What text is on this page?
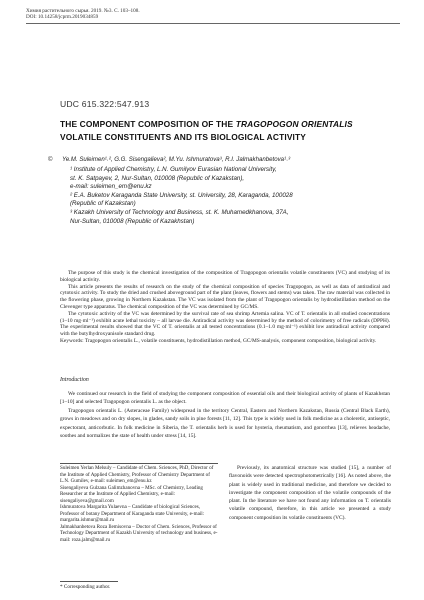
Химия растительного сырья. 2019. №3. С. 103–108.
DOI: 10.14258/jcprm.2019034859
UDC 615.322:547.913
THE COMPONENT COMPOSITION OF THE TRAGOPOGON ORIENTALIS VOLATILE CONSTITUENTS AND ITS BIOLOGICAL ACTIVITY
© Ye.M. Suleimen¹˒², G.G. Sisengalieva², M.Yu. Ishmuratova³, R.I. Jalmakhanbetova¹˒³

¹ Institute of Applied Chemistry, L.N. Gumilyov Eurasian National University,

st. K. Satpayev, 2, Nur-Sultan, 010008 (Republic of Kazakstan),

e-mail: suleimen_em@enu.kz

² E.A. Buketov Karaganda State University, st. University, 28, Karaganda, 100028

(Republic of Kazakstan)

³ Kazakh University of Technology and Business, st. K. Muhamedkhanova, 37A,

Nur-Sultan, 010008 (Republic of Kazakhstan)

The purpose of this study is the chemical investigation of the composition of Tragopogon orientalis volatile constituents (VC) and studying of its biological activity.

This article presents the results of research on the study of the chemical composition of species Tragopogon, as well as data of antiradical and cytotoxic activity. To study the dried and crushed aboveground part of the plant (leaves, flowers and stems) was taken. The raw material was collected in the flowering phase, growing in Northern Kazakstan. The VC was isolated from the plant of Tragopogon orientalis by hydrodistillation method on the Clevenger type apparatus. The chemical composition of the VC was determined by GC/MS.

The cytotoxic activity of the VC was determined by the survival rate of sea shrimp Artemia salina. VC of T. orientalis in all studied concentrations (1–10 mg·ml⁻¹) exhibit acute lethal toxicity – all larvae die. Antiradical activity was determined by the method of colorimetry of free radicals (DPPH). The experimental results showed that the VC of T. orientalis at all tested concentrations (0.1–1.0 mg·ml⁻¹) exhibit low antiradical activity compared with the butylhydroxyanisole standard drug.

Keywords: Tragopogon orientalis L., volatile constituents, hydrodistillation method, GC/MS-analysis, component composition, biological activity.

Introduction

We continued our research in the field of studying the component composition of essential oils and their biological activity of plants of Kazakhstan [1–10] and selected Tragopogon orientalis L. as the object.

Tragopogon orientalis L. (Asteraceae Family) widespread in the territory Central, Eastern and Northern Kazakstan, Russia (Central Black Earth), grows in meadows and on dry slopes, in glades, sandy soils in pine forests [11, 12]. This type is widely used in folk medicine as a choleretic, antiseptic, expectorant, anticorbutic. In folk medicine in Siberia, the T. orientalis herb is used for hysteria, rheumatism, and gonorrhea [13], relieves headache, soothes and normalizes the state of health under stress [14, 15].

Suleimen Yerlan Melsuly – Candidate of Chem. Sciences, PhD, Director of the Institute of Applied Chemistry, Professor of Chemistry Department of L.N. Gumilev, e-mail: suleimen_em@enu.kz

Sisengaliyeva Gulzana Galimzhanovna – MSc. of Chemistry, Leading Researcher at the Institute of Applied Chemistry, e-mail: sisengaliyeva@gmail.com

Ishmuratova Margarita Yulaevna – Candidate of biological Sciences, Professor of botany Department of Karaganda state University, e-mail: margarita.ishmur@mail.ru

Jalmakhanbetova Roza Ilemisovna – Doctor of Chem. Sciences, Professor of Technology Department of Kazakh University of technology and business, e-mail: roza.jalm@mail.ru

Previously, its anatomical structure was studied [15], a number of flavonoids were detected spectrophotometrically [16]. As noted above, the plant is widely used in traditional medicine, and therefore we decided to investigate the component composition of the volatile compounds of the plant. In the literature we have not found any information on T. orientalis volatile compound, therefore, in this article we presented a study component composition its volatile constituents (VC).

* Corresponding author.
